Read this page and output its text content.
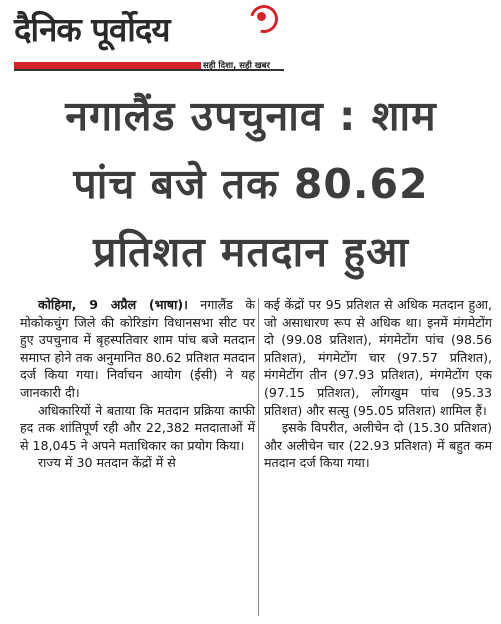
दैनिक पूर्वोदय
सही दिशा, सही खबर
नगालैंड उपचुनाव : शाम
पांच बजे तक 80.62
प्रतिशत मतदान हुआ

कोहिमा, 9 अप्रैल (भाषा)। नगालैंड के मोकोकचुंग जिले की कोरिडांग विधानसभा सीट पर हुए उपचुनाव में बृहस्पतिवार शाम पांच बजे मतदान समाप्त होने तक अनुमानित 80.62 प्रतिशत मतदान दर्ज किया गया। निर्वाचन आयोग (ईसी) ने यह जानकारी दी।

अधिकारियों ने बताया कि मतदान प्रक्रिया काफी हद तक शांतिपूर्ण रही और 22,382 मतदाताओं में से 18,045 ने अपने मताधिकार का प्रयोग किया।

राज्य में 30 मतदान केंद्रों में से

कई केंद्रों पर 95 प्रतिशत से अधिक मतदान हुआ, जो असाधारण रूप से अधिक था। इनमें मंगमेटोंग दो (99.08 प्रतिशत), मंगमेटोंग पांच (98.56 प्रतिशत), मंगमेटोंग चार (97.57 प्रतिशत), मंगमेटोंग तीन (97.93 प्रतिशत), मंगमेटोंग एक (97.15 प्रतिशत), लोंगखुम पांच (95.33 प्रतिशत) और सत्सु (95.05 प्रतिशत) शामिल हैं।

इसके विपरीत, अलीचेन दो (15.30 प्रतिशत) और अलीचेन चार (22.93 प्रतिशत) में बहुत कम मतदान दर्ज किया गया।
